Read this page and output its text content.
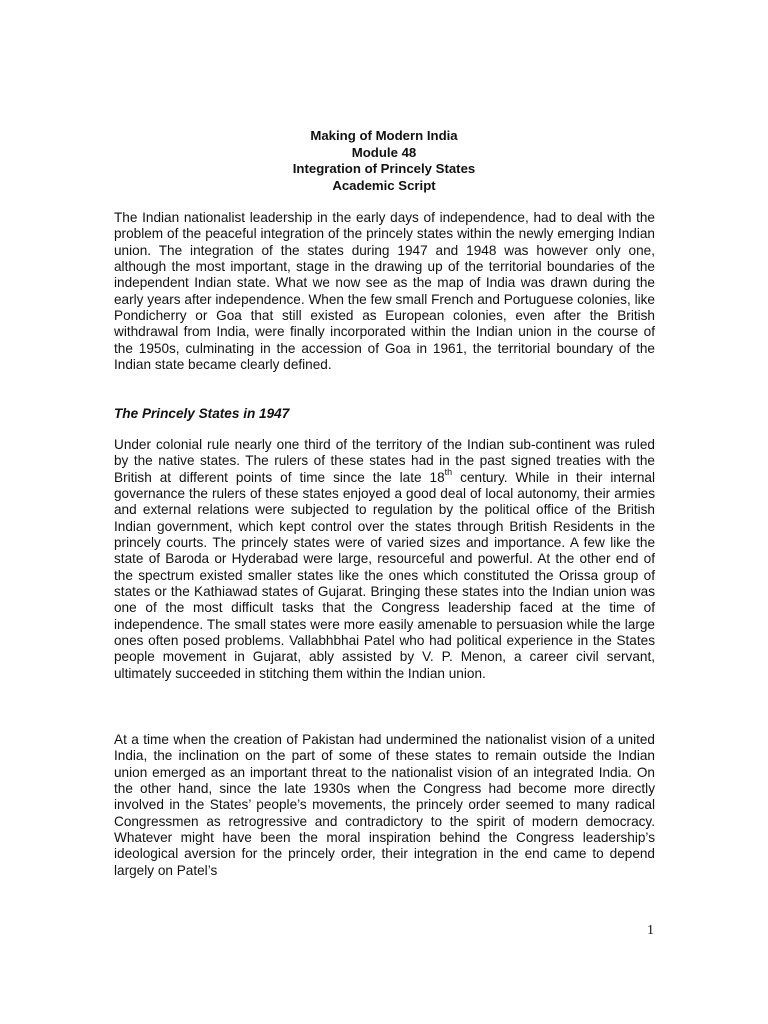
Making of Modern India
Module 48
Integration of Princely States
Academic Script

The Indian nationalist leadership in the early days of independence, had to deal with the problem of the peaceful integration of the princely states within the newly emerging Indian union. The integration of the states during 1947 and 1948 was however only one, although the most important, stage in the drawing up of the territorial boundaries of the independent Indian state. What we now see as the map of India was drawn during the early years after independence. When the few small French and Portuguese colonies, like Pondicherry or Goa that still existed as European colonies, even after the British withdrawal from India, were finally incorporated within the Indian union in the course of the 1950s, culminating in the accession of Goa in 1961, the territorial boundary of the Indian state became clearly defined.

The Princely States in 1947

Under colonial rule nearly one third of the territory of the Indian sub-continent was ruled by the native states. The rulers of these states had in the past signed treaties with the British at different points of time since the late 18th century. While in their internal governance the rulers of these states enjoyed a good deal of local autonomy, their armies and external relations were subjected to regulation by the political office of the British Indian government, which kept control over the states through British Residents in the princely courts. The princely states were of varied sizes and importance. A few like the state of Baroda or Hyderabad were large, resourceful and powerful. At the other end of the spectrum existed smaller states like the ones which constituted the Orissa group of states or the Kathiawad states of Gujarat. Bringing these states into the Indian union was one of the most difficult tasks that the Congress leadership faced at the time of independence. The small states were more easily amenable to persuasion while the large ones often posed problems. Vallabhbhai Patel who had political experience in the States people movement in Gujarat, ably assisted by V. P. Menon, a career civil servant, ultimately succeeded in stitching them within the Indian union.

At a time when the creation of Pakistan had undermined the nationalist vision of a united India, the inclination on the part of some of these states to remain outside the Indian union emerged as an important threat to the nationalist vision of an integrated India. On the other hand, since the late 1930s when the Congress had become more directly involved in the States’ people’s movements, the princely order seemed to many radical Congressmen as retrogressive and contradictory to the spirit of modern democracy. Whatever might have been the moral inspiration behind the Congress leadership’s ideological aversion for the princely order, their integration in the end came to depend largely on Patel’s

1
